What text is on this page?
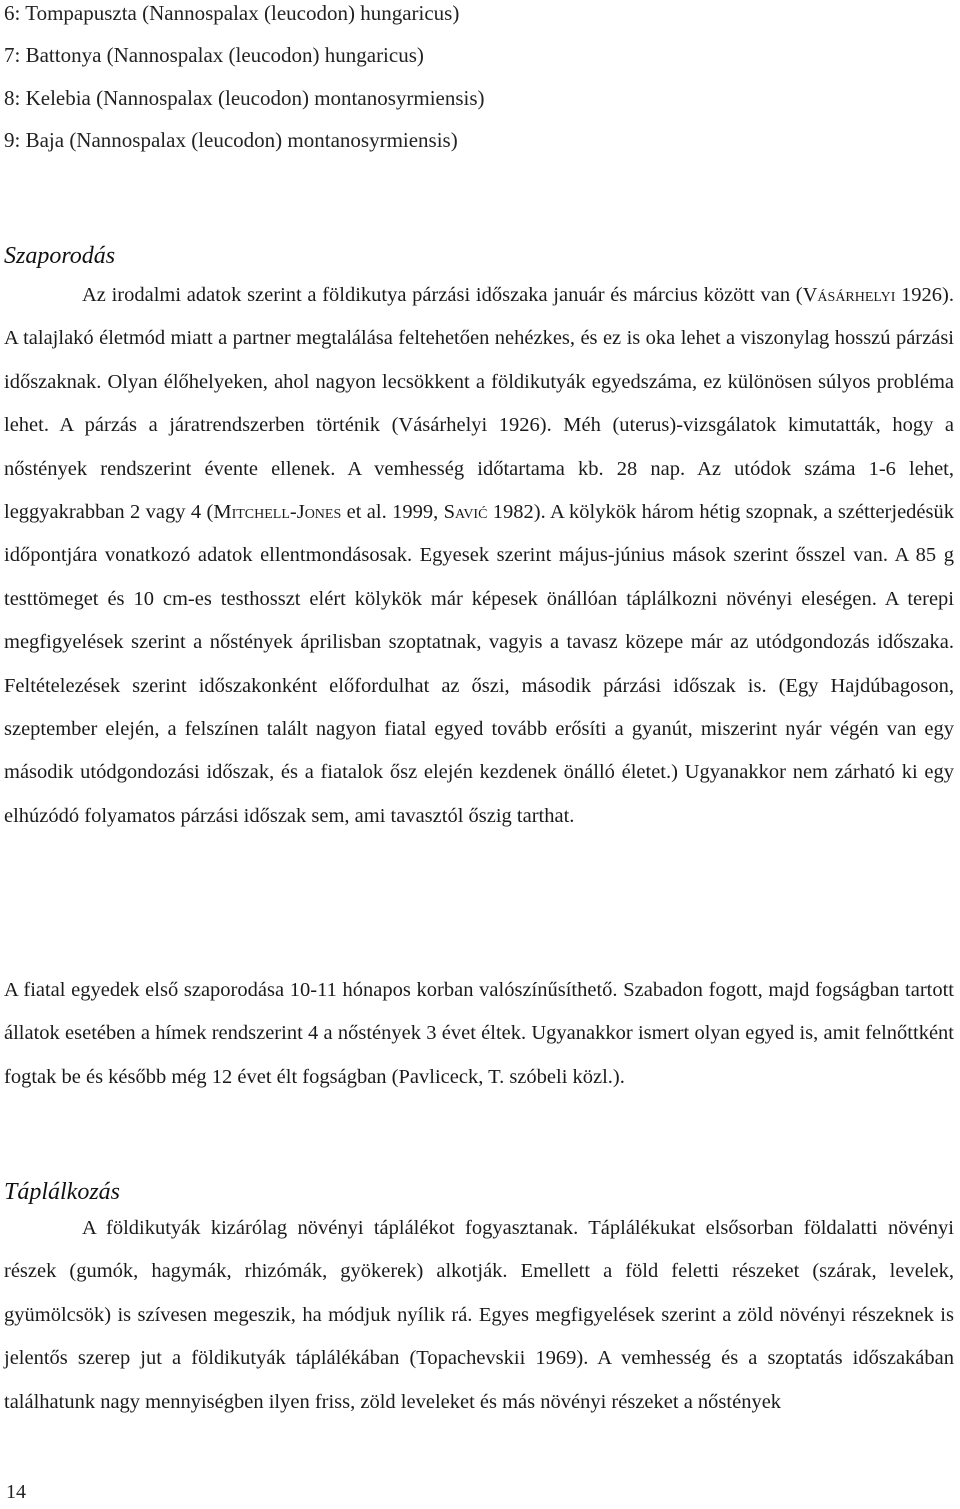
6: Tompapuszta (Nannospalax (leucodon) hungaricus)
7: Battonya (Nannospalax (leucodon) hungaricus)
8: Kelebia (Nannospalax (leucodon) montanosyrmiensis)
9: Baja (Nannospalax (leucodon) montanosyrmiensis)
Szaporodás

Az irodalmi adatok szerint a földikutya párzási időszaka január és március között van (Vásárhelyi 1926). A talajlakó életmód miatt a partner megtalálása feltehetően nehézkes, és ez is oka lehet a viszonylag hosszú párzási időszaknak. Olyan élőhelyeken, ahol nagyon lecsökkent a földikutyák egyedszáma, ez különösen súlyos probléma lehet. A párzás a járatrendszerben történik (Vásárhelyi 1926). Méh (uterus)-vizsgálatok kimutatták, hogy a nőstények rendszerint évente ellenek. A vemhesség időtartama kb. 28 nap. Az utódok száma 1-6 lehet, leggyakrabban 2 vagy 4 (Mitchell-Jones et al. 1999, Savić 1982). A kölykök három hétig szopnak, a szétterjedésük időpontjára vonatkozó adatok ellentmondásosak. Egyesek szerint május-június mások szerint ősszel van. A 85 g testtömeget és 10 cm-es testhosszt elért kölykök már képesek önállóan táplálkozni növényi eleségen. A terepi megfigyelések szerint a nőstények áprilisban szoptatnak, vagyis a tavasz közepe már az utódgondozás időszaka. Feltételezések szerint időszakonként előfordulhat az őszi, második párzási időszak is. (Egy Hajdúbagoson, szeptember elején, a felszínen talált nagyon fiatal egyed tovább erősíti a gyanút, miszerint nyár végén van egy második utódgondozási időszak, és a fiatalok ősz elején kezdenek önálló életet.) Ugyanakkor nem zárható ki egy elhúzódó folyamatos párzási időszak sem, ami tavasztól őszig tarthat.

A fiatal egyedek első szaporodása 10-11 hónapos korban valószínűsíthető. Szabadon fogott, majd fogságban tartott állatok esetében a hímek rendszerint 4 a nőstények 3 évet éltek. Ugyanakkor ismert olyan egyed is, amit felnőttként fogtak be és később még 12 évet élt fogságban (Pavliceck, T. szóbeli közl.).

Táplálkozás

A földikutyák kizárólag növényi táplálékot fogyasztanak. Táplálékukat elsősorban földalatti növényi részek (gumók, hagymák, rhizómák, gyökerek) alkotják. Emellett a föld feletti részeket (szárak, levelek, gyümölcsök) is szívesen megeszik, ha módjuk nyílik rá. Egyes megfigyelések szerint a zöld növényi részeknek is jelentős szerep jut a földikutyák táplálékában (Topachevskii 1969). A vemhesség és a szoptatás időszakában találhatunk nagy mennyiségben ilyen friss, zöld leveleket és más növényi részeket a nőstények

14
